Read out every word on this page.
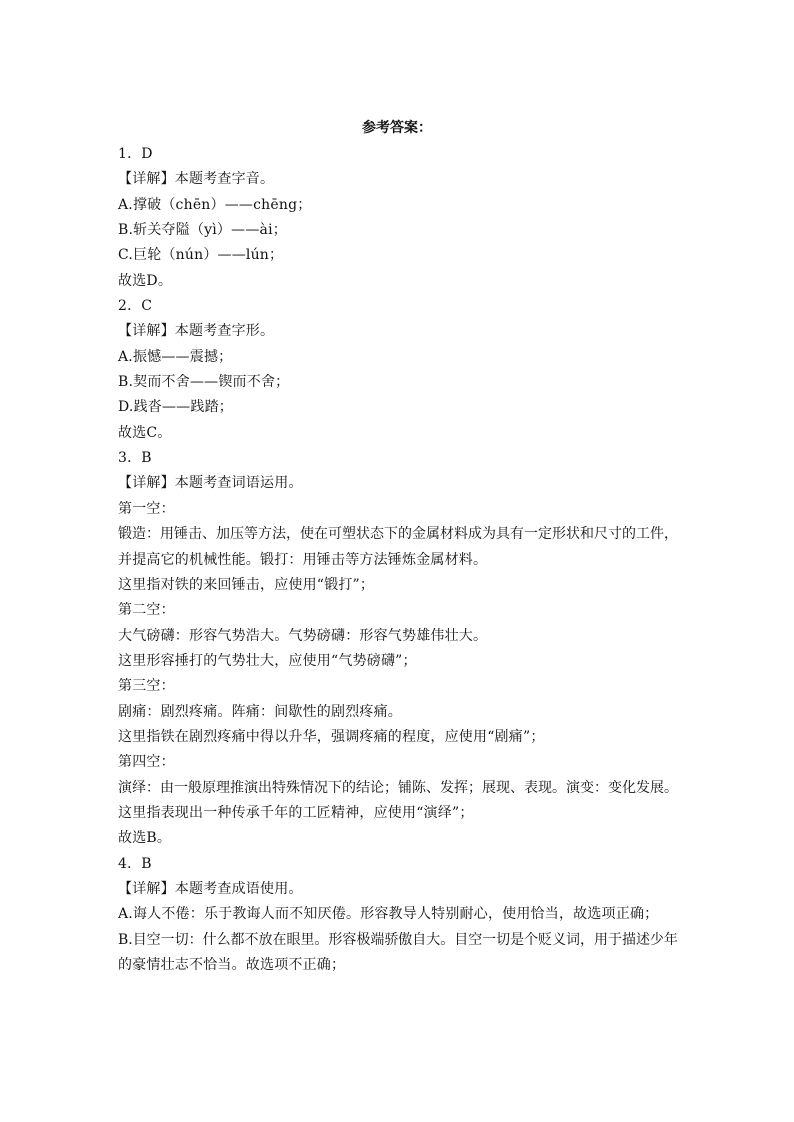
参考答案：
1．D
【详解】本题考查字音。
A.撑破（chēn）——chēng；
B.斩关夺隘（yì）——ài；
C.巨轮（nún）——lún；
故选D。
2．C
【详解】本题考查字形。
A.振憾——震撼；
B.契而不舍——锲而不舍；
D.践沓——践踏；
故选C。
3．B
【详解】本题考查词语运用。
第一空：
锻造：用锤击、加压等方法，使在可塑状态下的金属材料成为具有一定形状和尺寸的工件，
并提高它的机械性能。锻打：用锤击等方法锤炼金属材料。
这里指对铁的来回锤击，应使用“锻打”；
第二空：
大气磅礴：形容气势浩大。气势磅礴：形容气势雄伟壮大。
这里形容捶打的气势壮大，应使用“气势磅礴”；
第三空：
剧痛：剧烈疼痛。阵痛：间歇性的剧烈疼痛。
这里指铁在剧烈疼痛中得以升华，强调疼痛的程度，应使用“剧痛”；
第四空：
演绎：由一般原理推演出特殊情况下的结论；铺陈、发挥；展现、表现。演变：变化发展。
这里指表现出一种传承千年的工匠精神，应使用“演绎”；
故选B。
4．B
【详解】本题考查成语使用。
A.诲人不倦：乐于教诲人而不知厌倦。形容教导人特别耐心，使用恰当，故选项正确；
B.目空一切：什么都不放在眼里。形容极端骄傲自大。目空一切是个贬义词，用于描述少年
的豪情壮志不恰当。故选项不正确；
